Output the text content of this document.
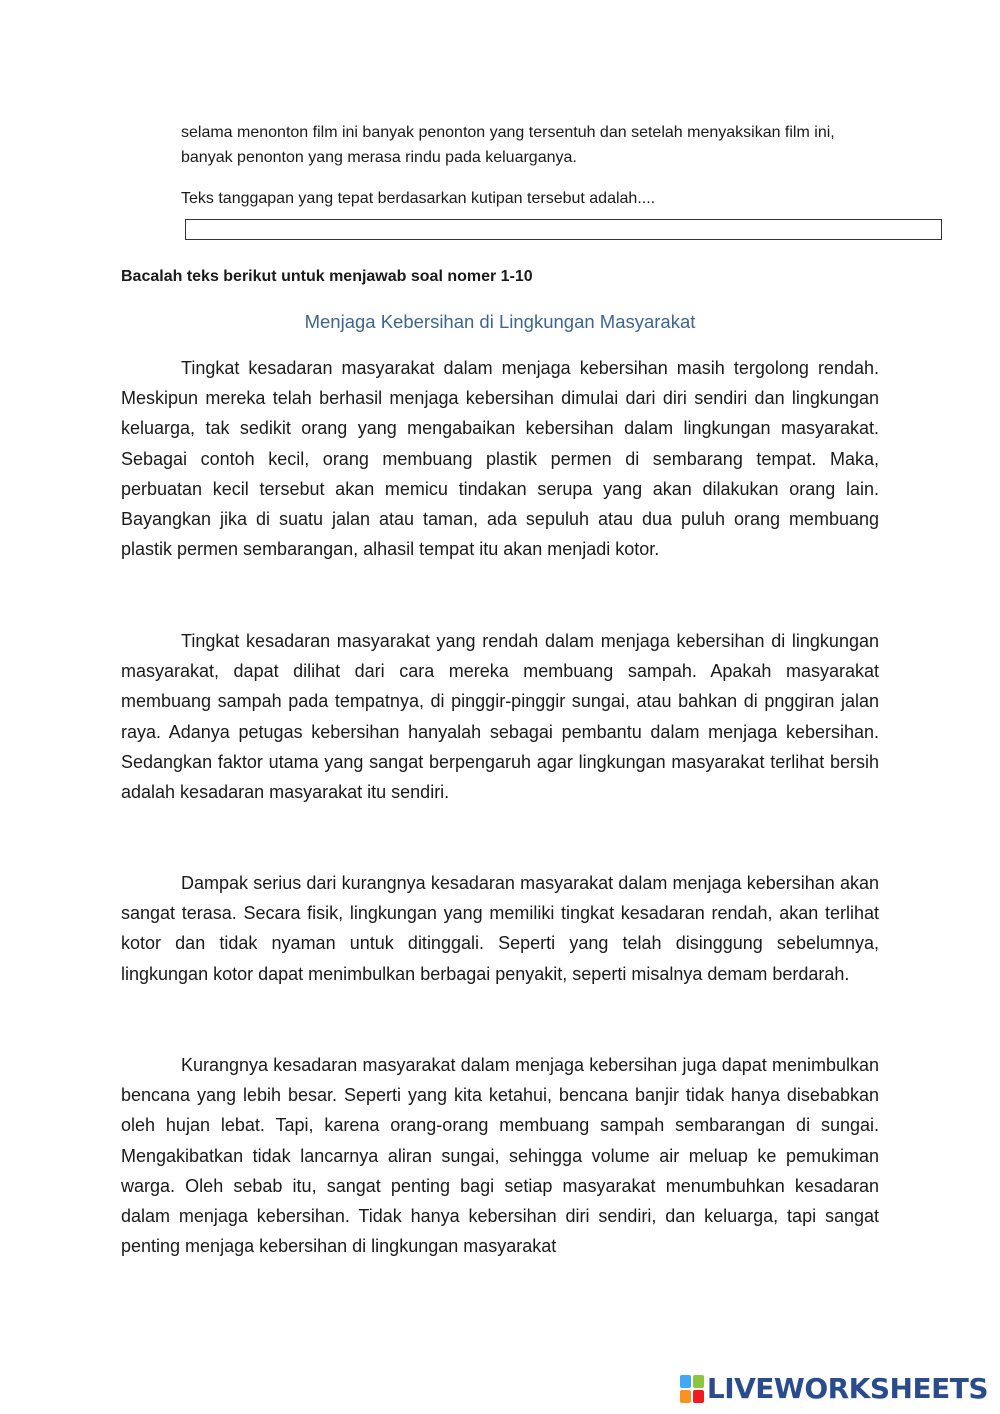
selama menonton film ini banyak penonton yang tersentuh dan setelah menyaksikan film ini, banyak penonton yang merasa rindu pada keluarganya.

Teks tanggapan yang tepat berdasarkan kutipan tersebut adalah....

Bacalah teks berikut untuk menjawab soal nomer 1-10

Menjaga Kebersihan di Lingkungan Masyarakat

Tingkat kesadaran masyarakat dalam menjaga kebersihan masih tergolong rendah. Meskipun mereka telah berhasil menjaga kebersihan dimulai dari diri sendiri dan lingkungan keluarga, tak sedikit orang yang mengabaikan kebersihan dalam lingkungan masyarakat. Sebagai contoh kecil, orang membuang plastik permen di sembarang tempat. Maka, perbuatan kecil tersebut akan memicu tindakan serupa yang akan dilakukan orang lain. Bayangkan jika di suatu jalan atau taman, ada sepuluh atau dua puluh orang membuang plastik permen sembarangan, alhasil tempat itu akan menjadi kotor.

Tingkat kesadaran masyarakat yang rendah dalam menjaga kebersihan di lingkungan masyarakat, dapat dilihat dari cara mereka membuang sampah. Apakah masyarakat membuang sampah pada tempatnya, di pinggir-pinggir sungai, atau bahkan di pnggiran jalan raya. Adanya petugas kebersihan hanyalah sebagai pembantu dalam menjaga kebersihan. Sedangkan faktor utama yang sangat berpengaruh agar lingkungan masyarakat terlihat bersih adalah kesadaran masyarakat itu sendiri.

Dampak serius dari kurangnya kesadaran masyarakat dalam menjaga kebersihan akan sangat terasa. Secara fisik, lingkungan yang memiliki tingkat kesadaran rendah, akan terlihat kotor dan tidak nyaman untuk ditinggali. Seperti yang telah disinggung sebelumnya, lingkungan kotor dapat menimbulkan berbagai penyakit, seperti misalnya demam berdarah.

Kurangnya kesadaran masyarakat dalam menjaga kebersihan juga dapat menimbulkan bencana yang lebih besar. Seperti yang kita ketahui, bencana banjir tidak hanya disebabkan oleh hujan lebat. Tapi, karena orang-orang membuang sampah sembarangan di sungai. Mengakibatkan tidak lancarnya aliran sungai, sehingga volume air meluap ke pemukiman warga. Oleh sebab itu, sangat penting bagi setiap masyarakat menumbuhkan kesadaran dalam menjaga kebersihan. Tidak hanya kebersihan diri sendiri, dan keluarga, tapi sangat penting menjaga kebersihan di lingkungan masyarakat

LIVEWORKSHEETS
